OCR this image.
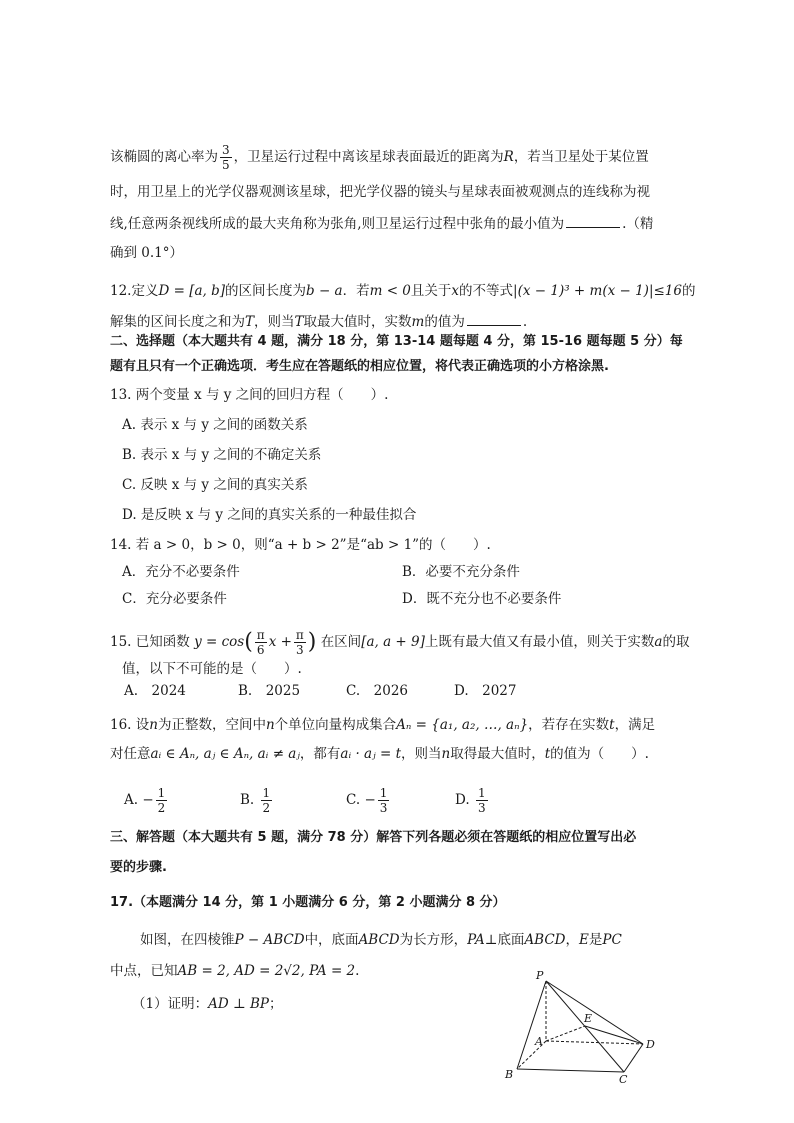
该椭圆的离心率为 $\frac{3}{5}$ ，卫星运行过程中离该星球表面最近的距离为R，若当卫星处于某位置
时，用卫星上的光学仪器观测该星球，把光学仪器的镜头与星球表面被观测点的连线称为视
线,任意两条视线所成的最大夹角称为张角,则卫星运行过程中张角的最小值为	.（精
确到 0.1°）
12.定义D = [a, b]的区间长度为b − a．若m < 0且关于x的不等式|(x − 1)³ + m(x − 1)|≤16的
解集的区间长度之和为T，则当T取最大值时，实数m的值为	.
二、选择题（本大题共有 4 题，满分 18 分，第 13-14 题每题 4 分，第 15-16 题每题 5 分）每
题有且只有一个正确选项．考生应在答题纸的相应位置，将代表正确选项的小方格涂黑.
13. 两个变量 x 与 y 之间的回归方程（　　）.
A. 表示 x 与 y 之间的函数关系
B. 表示 x 与 y 之间的不确定关系
C. 反映 x 与 y 之间的真实关系
D. 是反映 x 与 y 之间的真实关系的一种最佳拟合
14. 若 a > 0，b > 0，则“a + b > 2”是“ab > 1”的（　　）.
A．充分不必要条件	B．必要不充分条件
C．充分必要条件	D．既不充分也不必要条件
15. 已知函数 $y = \cos( \frac{\pi}{6}$ $x + \frac{\pi}{3}$ ) 在区间[a, a + 9]上既有最大值又有最小值，则关于实数a的取
值，以下不可能的是（　　）.
A.　2024	B.　2025	C.　2026	D.　2027
16. 设n为正整数，空间中n个单位向量构成集合Aₙ = {a₁, a₂, …, aₙ}，若存在实数t，满足
对任意aᵢ ∈ Aₙ, aⱼ ∈ Aₙ, aᵢ ≠ aⱼ，都有aᵢ · aⱼ = t，则当n取得最大值时，t的值为（　　）.
A. − $\frac{1}{2}$	B. $\frac{1}{2}$	C. − $\frac{1}{3}$	D. $\frac{1}{3}$
三、解答题（本大题共有 5 题，满分 78 分）解答下列各题必须在答题纸的相应位置写出必
要的步骤.
17.（本题满分 14 分，第 1 小题满分 6 分，第 2 小题满分 8 分）
如图，在四棱锥P − ABCD中，底面ABCD为长方形，PA⊥底面ABCD，E是PC
中点，已知AB = 2, AD = 2√2, PA = 2.
（1）证明：AD ⊥ BP；
P
A
B	C
D
E
